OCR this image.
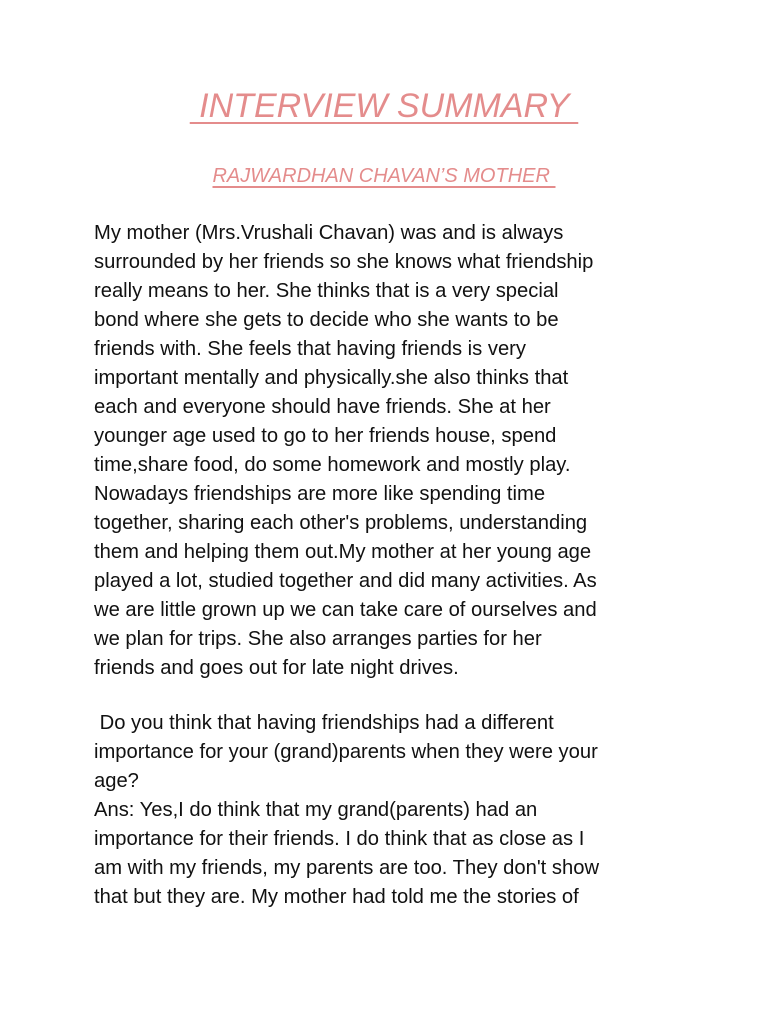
INTERVIEW SUMMARY
RAJWARDHAN CHAVAN’S MOTHER
My mother (Mrs.Vrushali Chavan) was and is always
surrounded by her friends so she knows what friendship
really means to her. She thinks that is a very special
bond where she gets to decide who she wants to be
friends with. She feels that having friends is very
important mentally and physically.she also thinks that
each and everyone should have friends. She at her
younger age used to go to her friends house, spend
time,share food, do some homework and mostly play.
Nowadays friendships are more like spending time
together, sharing each other's problems, understanding
them and helping them out.My mother at her young age
played a lot, studied together and did many activities. As
we are little grown up we can take care of ourselves and
we plan for trips. She also arranges parties for her
friends and goes out for late night drives.
Do you think that having friendships had a different
importance for your (grand)parents when they were your
age?
Ans: Yes,I do think that my grand(parents) had an
importance for their friends. I do think that as close as I
am with my friends, my parents are too. They don't show
that but they are. My mother had told me the stories of
